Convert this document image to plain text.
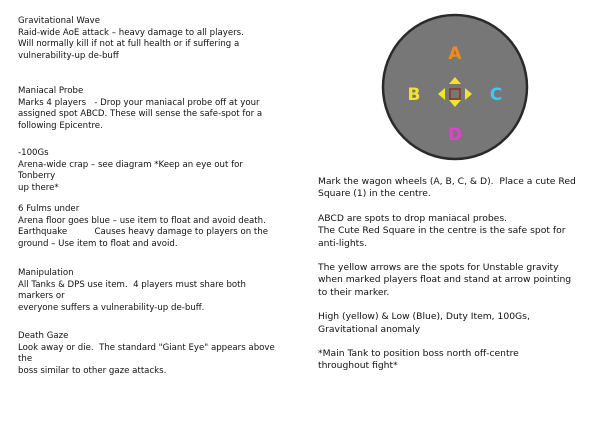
Gravitational Wave
Raid-wide AoE attack – heavy damage to all players.
Will normally kill if not at full health or if suffering a
vulnerability-up de-buff
Maniacal Probe
Marks 4 players   - Drop your maniacal probe off at your
assigned spot ABCD. These will sense the safe-spot for a
following Epicentre.
-100Gs
Arena-wide crap – see diagram *Keep an eye out for  Tonberry
up there*
6 Fulms under
Arena floor goes blue – use item to float and avoid death.
Earthquake          Causes heavy damage to players on the
ground – Use item to float and avoid.
Manipulation
All Tanks & DPS use item.  4 players must share both markers or
everyone suffers a vulnerability-up de-buff.
Death Gaze
Look away or die.  The standard "Giant Eye" appears above the
boss similar to other gaze attacks.
A
B	C
D
Mark the wagon wheels (A, B, C, & D).  Place a cute Red
Square (1) in the centre.
ABCD are spots to drop maniacal probes.
The Cute Red Square in the centre is the safe spot for
anti-lights.
The yellow arrows are the spots for Unstable gravity
when marked players float and stand at arrow pointing
to their marker.
High (yellow) & Low (Blue), Duty Item, 100Gs,
Gravitational anomaly
*Main Tank to position boss north off-centre
throughout fight*
